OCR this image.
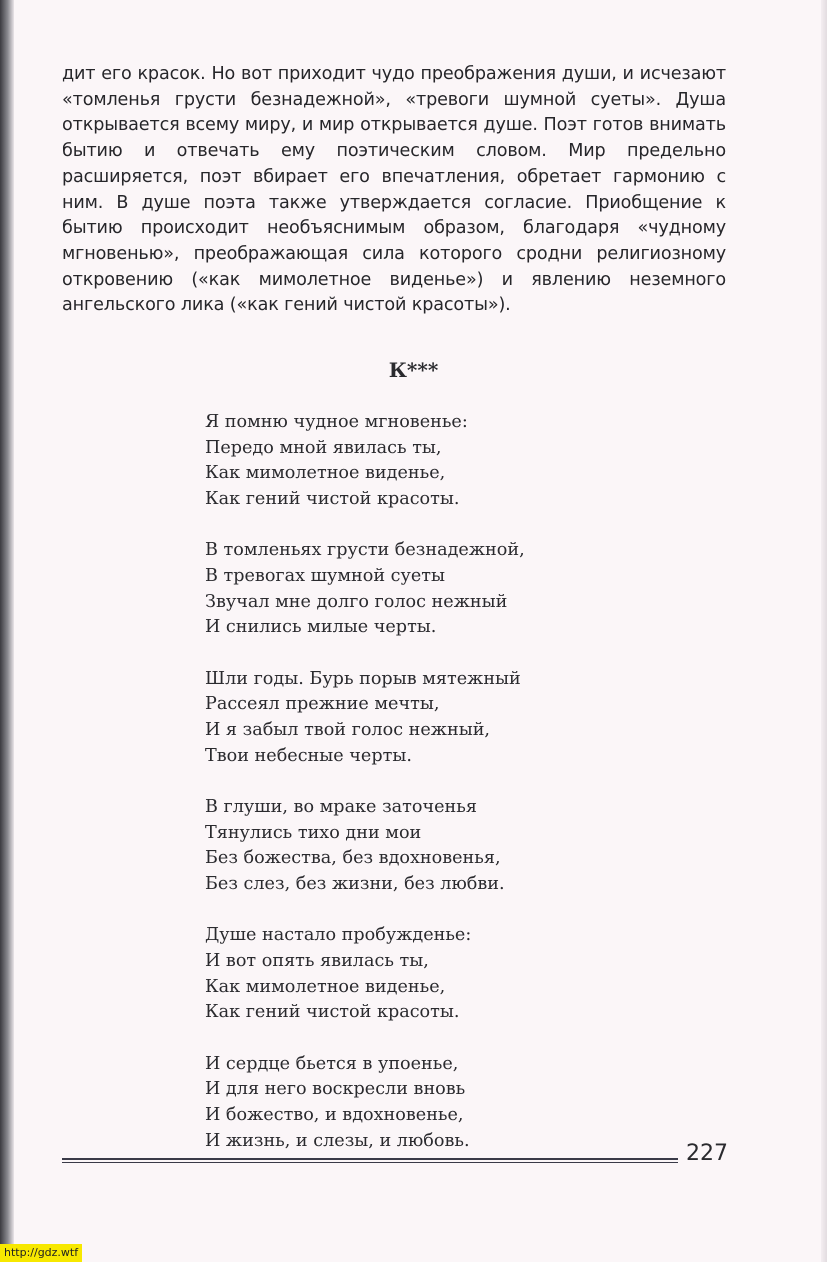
дит его красок. Но вот приходит чудо преображения души, и исчезают «томленья грусти безнадежной», «тревоги шумной суеты». Душа открывается всему миру, и мир открывается душе. Поэт готов внимать бытию и отвечать ему поэтическим словом. Мир предельно расширяется, поэт вбирает его впечатления, обретает гармонию с ним. В душе поэта также утверждается согласие. Приобщение к бытию происходит необъяснимым образом, благодаря «чудному мгновенью», преображающая сила которого сродни религиозному откровению («как мимолетное виденье») и явлению неземного ангельского лика («как гений чистой красоты»).

К***
Я помню чудное мгновенье:
Передо мной явилась ты,
Как мимолетное виденье,
Как гений чистой красоты.
В томленьях грусти безнадежной,
В тревогах шумной суеты
Звучал мне долго голос нежный
И снились милые черты.
Шли годы. Бурь порыв мятежный
Рассеял прежние мечты,
И я забыл твой голос нежный,
Твои небесные черты.
В глуши, во мраке заточенья
Тянулись тихо дни мои
Без божества, без вдохновенья,
Без слез, без жизни, без любви.
Душе настало пробужденье:
И вот опять явилась ты,
Как мимолетное виденье,
Как гений чистой красоты.
И сердце бьется в упоенье,
И для него воскресли вновь
И божество, и вдохновенье,
И жизнь, и слезы, и любовь.
227
http://gdz.wtf
